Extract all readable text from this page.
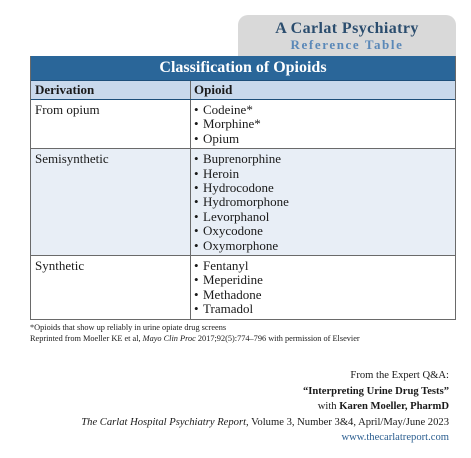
A Carlat Psychiatry
Reference Table
Classification of Opioids
Derivation	Opioid
From opium	• Codeine*
• Morphine*
• Opium
Semisynthetic	• Buprenorphine
• Heroin
• Hydrocodone
• Hydromorphone
• Levorphanol
• Oxycodone
• Oxymorphone
Synthetic	• Fentanyl
• Meperidine
• Methadone
• Tramadol
*Opioids that show up reliably in urine opiate drug screens
Reprinted from Moeller KE et al, Mayo Clin Proc 2017;92(5):774–796 with permission of Elsevier
From the Expert Q&A:
“Interpreting Urine Drug Tests”
with Karen Moeller, PharmD
The Carlat Hospital Psychiatry Report, Volume 3, Number 3&4, April/May/June 2023
www.thecarlatreport.com
